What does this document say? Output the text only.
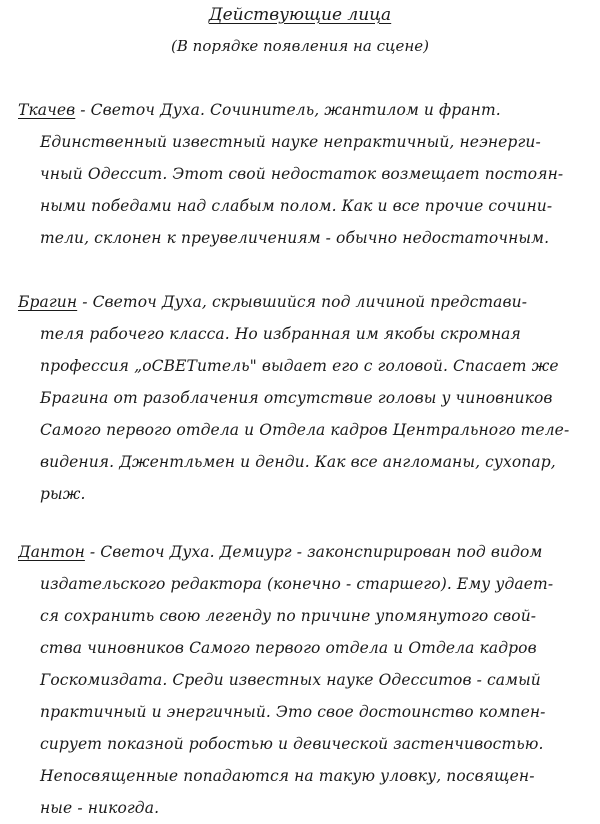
Действующие лица
(В порядке появления на сцене)
Ткачев - Светоч Духа. Сочинитель, жантилом и франт.
Единственный известный науке непрактичный, неэнерги-
чный Одессит. Этот свой недостаток возмещает постоян-
ными победами над слабым полом. Как и все прочие сочини-
тели, склонен к преувеличениям - обычно недостаточным.
Брагин - Светоч Духа, скрывшийся под личиной представи-
теля рабочего класса. Но избранная им якобы скромная
профессия „оСВЕТитель" выдает его с головой. Спасает же
Брагина от разоблачения отсутствие головы у чиновников
Самого первого отдела и Отдела кадров Центрального теле-
видения. Джентльмен и денди. Как все англоманы, сухопар,
рыж.
Дантон - Светоч Духа. Демиург - законспирирован под видом
издательского редактора (конечно - старшего). Ему удает-
ся сохранить свою легенду по причине упомянутого свой-
ства чиновников Самого первого отдела и Отдела кадров
Госкомиздата. Среди известных науке Одесситов - самый
практичный и энергичный. Это свое достоинство компен-
сирует показной робостью и девической застенчивостью.
Непосвященные попадаются на такую уловку, посвящен-
ные - никогда.
